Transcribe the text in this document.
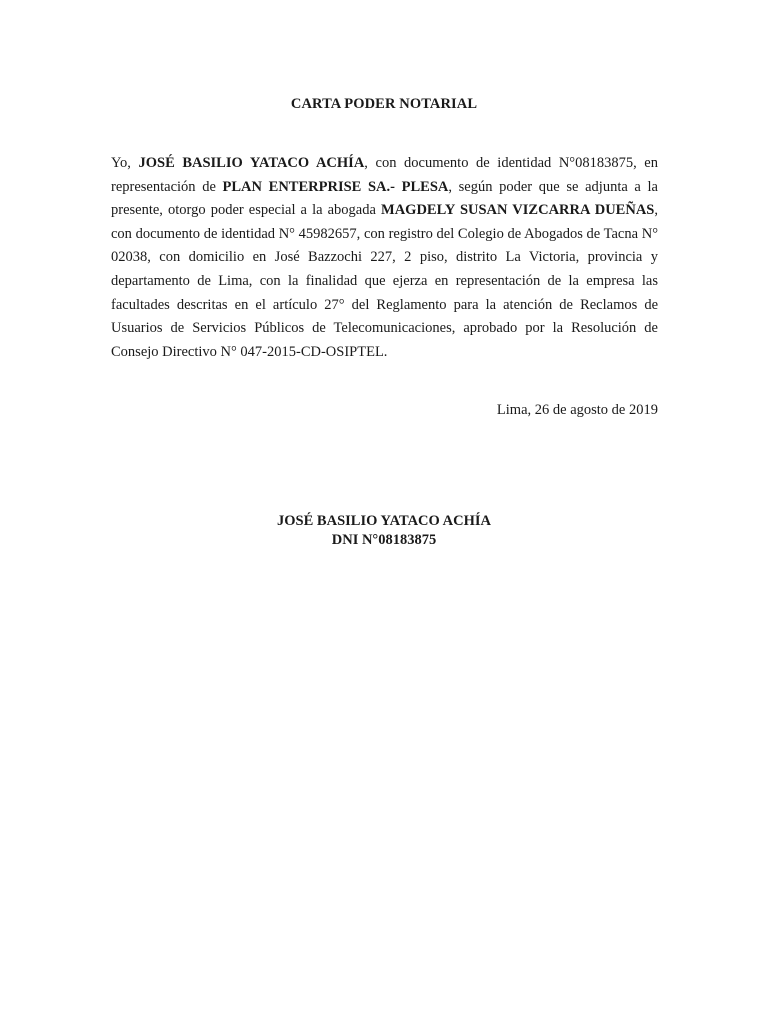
CARTA PODER NOTARIAL

Yo, JOSÉ BASILIO YATACO ACHÍA, con documento de identidad N°08183875, en representación de PLAN ENTERPRISE SA.- PLESA, según poder que se adjunta a la presente, otorgo poder especial a la abogada MAGDELY SUSAN VIZCARRA DUEÑAS, con documento de identidad N° 45982657, con registro del Colegio de Abogados de Tacna N° 02038, con domicilio en José Bazzochi 227, 2 piso, distrito La Victoria, provincia y departamento de Lima, con la finalidad que ejerza en representación de la empresa las facultades descritas en el artículo 27° del Reglamento para la atención de Reclamos de Usuarios de Servicios Públicos de Telecomunicaciones, aprobado por la Resolución de Consejo Directivo N° 047-2015-CD-OSIPTEL.

Lima, 26 de agosto de 2019
JOSÉ BASILIO YATACO ACHÍA
DNI N°08183875
